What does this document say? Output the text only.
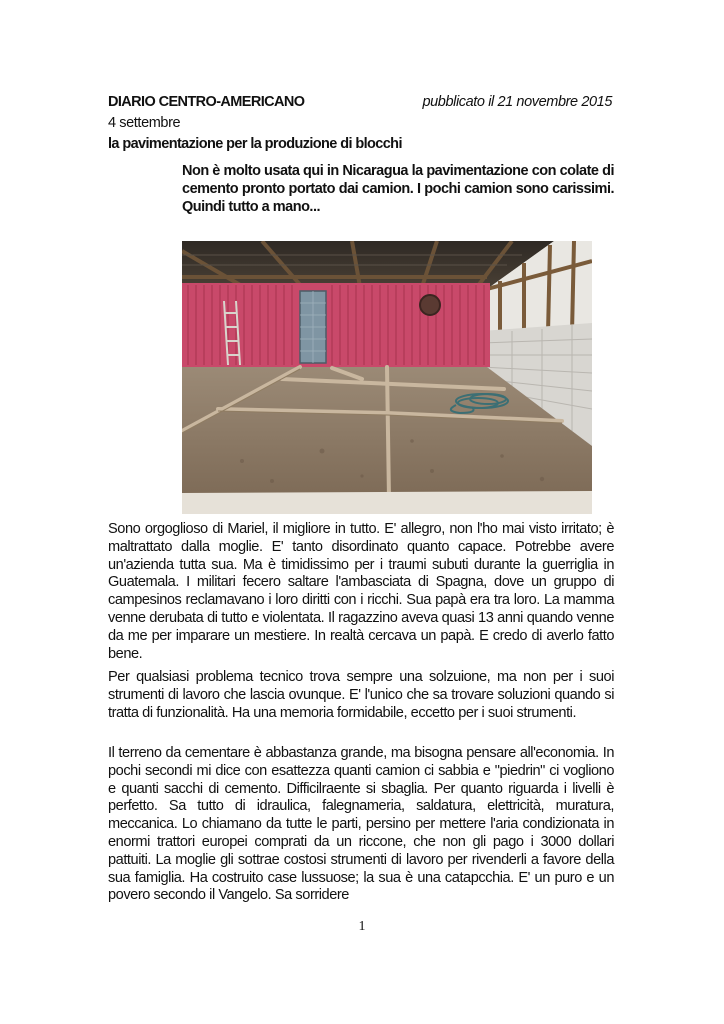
DIARIO CENTRO-AMERICANO	pubblicato il 21 novembre 2015
4 settembre
la pavimentazione per la produzione di blocchi
Non è molto usata qui in Nicaragua la pavimentazione con colate di cemento pronto portato dai camion. I pochi camion sono carissimi. Quindi tutto a mano...

Sono orgoglioso di Mariel, il migliore in tutto. E' allegro, non l'ho mai visto irritato; è maltrattato dalla moglie. E' tanto disordinato quanto capace. Potrebbe avere un'azienda tutta sua. Ma è timidissimo per i traumi subuti durante la guerriglia in Guatemala. I militari fecero saltare l'ambasciata di Spagna, dove un gruppo di campesinos reclamavano i loro diritti con i ricchi. Sua papà era tra loro. La mamma venne derubata di tutto e violentata. Il ragazzino aveva quasi 13 anni quando venne da me per imparare un mestiere. In realtà cercava un papà. E credo di averlo fatto bene.

Per qualsiasi problema tecnico trova sempre una solzuione, ma non per i suoi strumenti di lavoro che lascia ovunque. E' l'unico che sa trovare soluzioni quando si tratta di funzionalità. Ha una memoria formidabile, eccetto per i suoi strumenti.

Il terreno da cementare è abbastanza grande, ma bisogna pensare all'economia. In pochi secondi mi dice con esattezza quanti camion ci sabbia e "piedrin" ci vogliono e quanti sacchi di cemento. Difficilraente si sbaglia. Per quanto riguarda i livelli è perfetto. Sa tutto di idraulica, falegnameria, saldatura, elettricità, muratura, meccanica. Lo chiamano da tutte le parti, persino per mettere l'aria condizionata in enormi trattori europei comprati da un riccone, che non gli pago i 3000 dollari pattuiti. La moglie gli sottrae costosi strumenti di lavoro per rivenderli a favore della sua famiglia. Ha costruito case lussuose; la sua è una catapcchia. E' un puro e un povero secondo il Vangelo. Sa sorridere

1
